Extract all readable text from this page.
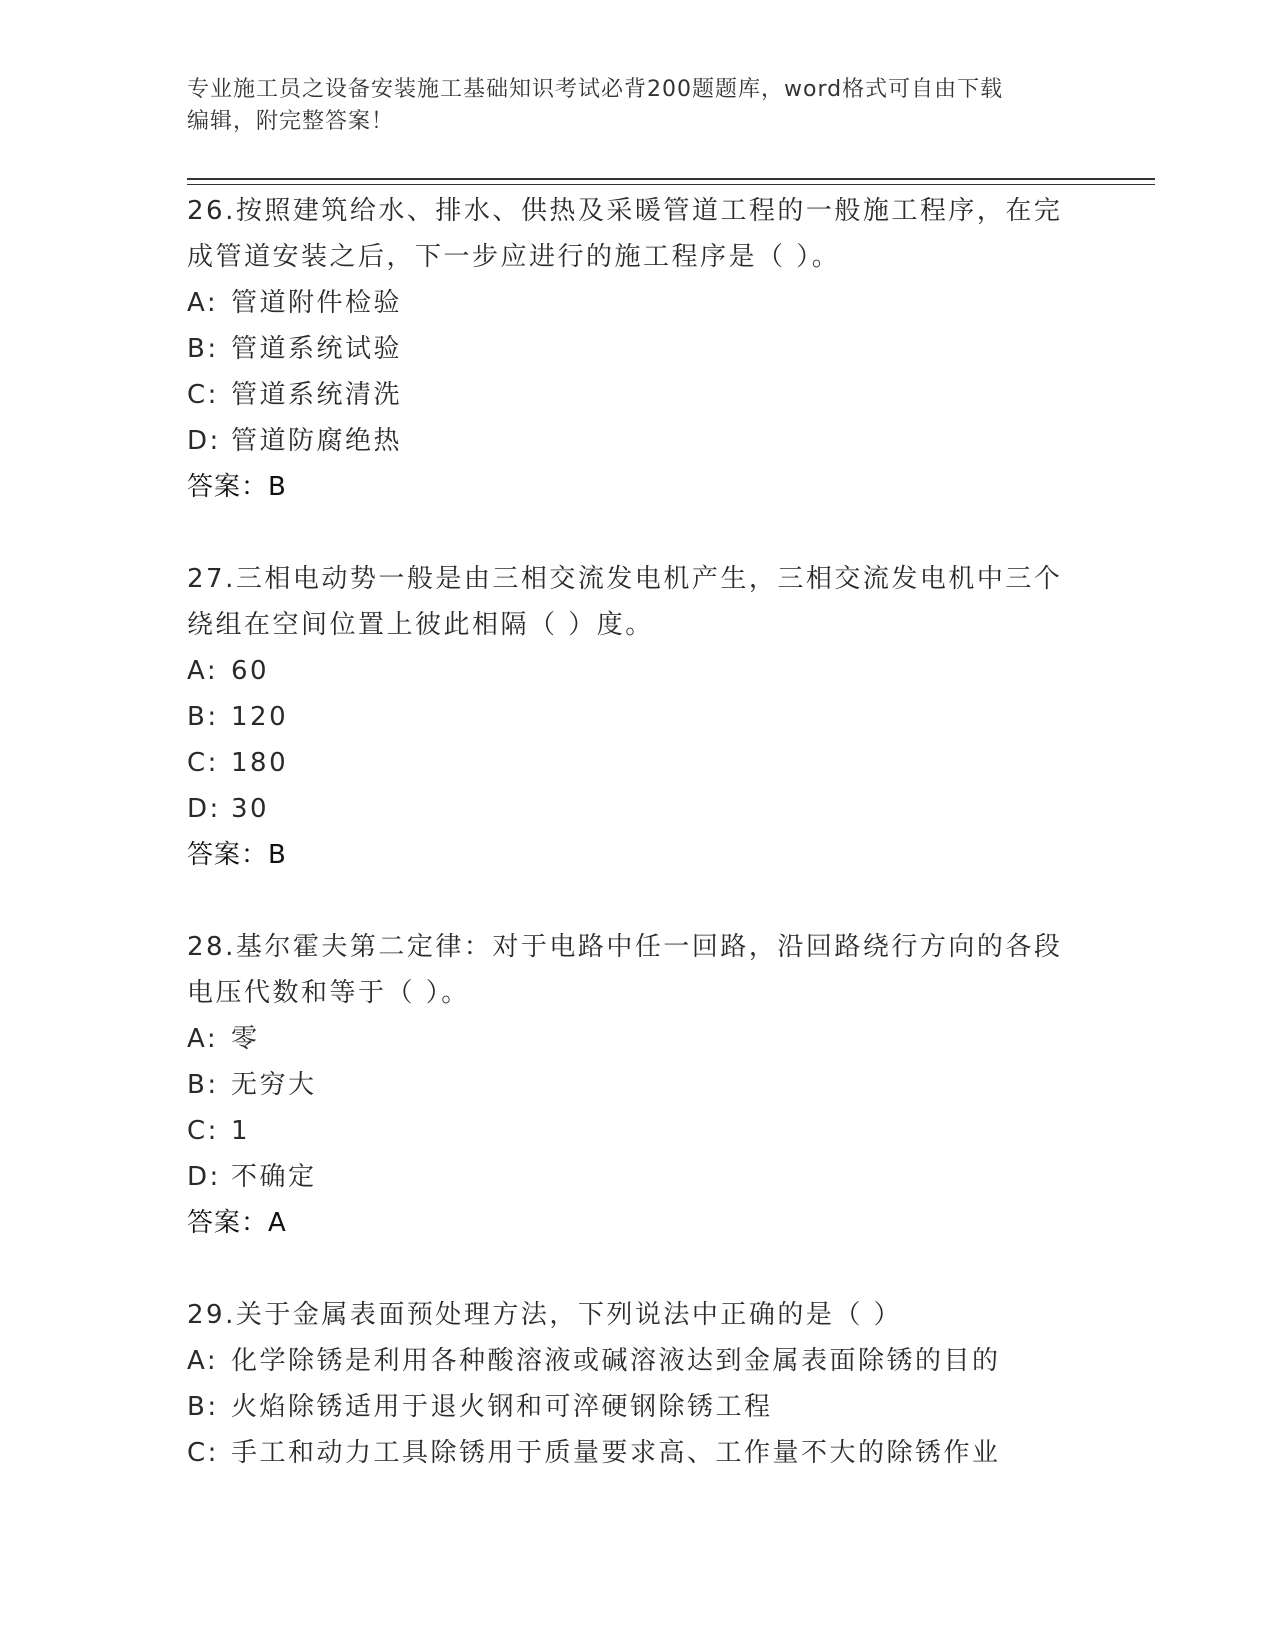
专业施工员之设备安装施工基础知识考试必背200题题库，word格式可自由下载
编辑，附完整答案！
26.按照建筑给水、排水、供热及采暖管道工程的一般施工程序，在完成管道安装之后，下一步应进行的施工程序是（ ）。
A: 管道附件检验
B: 管道系统试验
C: 管道系统清洗
D: 管道防腐绝热
答案：B
27.三相电动势一般是由三相交流发电机产生，三相交流发电机中三个绕组在空间位置上彼此相隔（ ）度。
A: 60
B: 120
C: 180
D: 30
答案：B
28.基尔霍夫第二定律：对于电路中任一回路，沿回路绕行方向的各段电压代数和等于（ ）。
A: 零
B: 无穷大
C: 1
D: 不确定
答案：A
29.关于金属表面预处理方法，下列说法中正确的是（ ）
A: 化学除锈是利用各种酸溶液或碱溶液达到金属表面除锈的目的
B: 火焰除锈适用于退火钢和可淬硬钢除锈工程
C: 手工和动力工具除锈用于质量要求高、工作量不大的除锈作业
